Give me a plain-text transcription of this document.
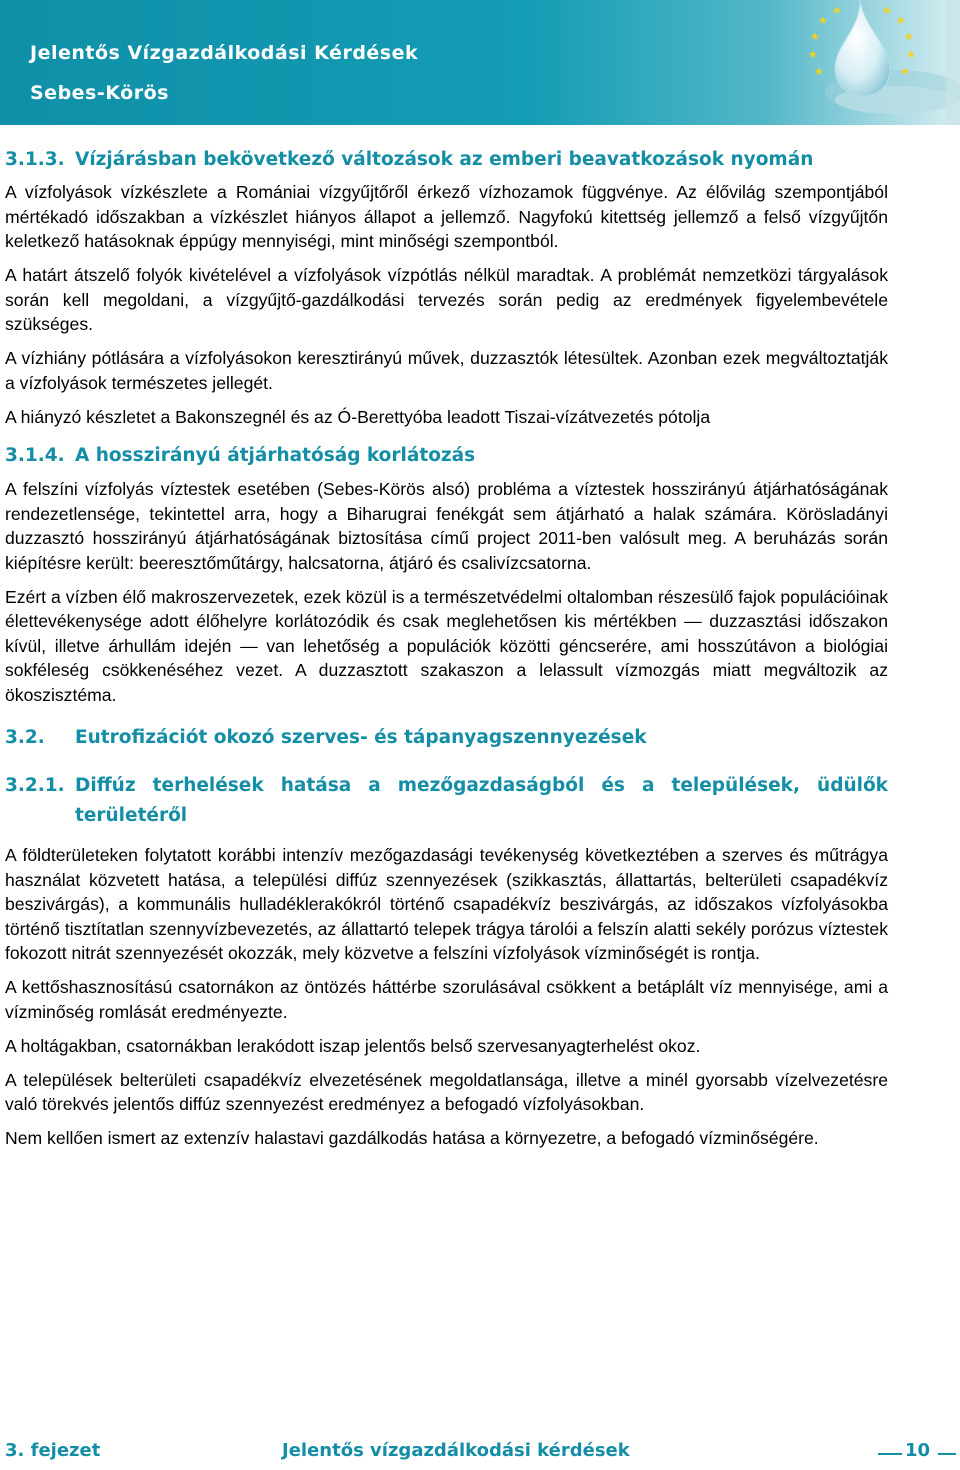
Jelentős Vízgazdálkodási Kérdések
Sebes-Körös
★
★
★	★
★
★
★
★
★
★
3.1.3. Vízjárásban bekövetkező változások az emberi beavatkozások nyomán

A vízfolyások vízkészlete a Romániai vízgyűjtőről érkező vízhozamok függvénye. Az élővilág szempontjából mértékadó időszakban a vízkészlet hiányos állapot a jellemző. Nagyfokú kitettség jellemző a felső vízgyűjtőn keletkező hatásoknak éppúgy mennyiségi, mint minőségi szempontból.

A határt átszelő folyók kivételével a vízfolyások vízpótlás nélkül maradtak. A problémát nemzetközi tárgyalások során kell megoldani, a vízgyűjtő-gazdálkodási tervezés során pedig az eredmények figyelembevétele szükséges.

A vízhiány pótlására a vízfolyásokon keresztirányú művek, duzzasztók létesültek. Azonban ezek megváltoztatják a vízfolyások természetes jellegét.

A hiányzó készletet a Bakonszegnél és az Ó-Berettyóba leadott Tiszai-vízátvezetés pótolja

3.1.4. A hosszirányú átjárhatóság korlátozás

A felszíni vízfolyás víztestek esetében (Sebes-Körös alsó) probléma a víztestek hosszirányú átjárhatóságának rendezetlensége, tekintettel arra, hogy a Biharugrai fenékgát sem átjárható a halak számára. Körösladányi duzzasztó hosszirányú átjárhatóságának biztosítása című project 2011-ben valósult meg. A beruházás során kiépítésre került: beeresztőműtárgy, halcsatorna, átjáró és csalivízcsatorna.

Ezért a vízben élő makroszervezetek, ezek közül is a természetvédelmi oltalomban részesülő fajok populációinak élettevékenysége adott élőhelyre korlátozódik és csak meglehetősen kis mértékben — duzzasztási időszakon kívül, illetve árhullám idején — van lehetőség a populációk közötti géncserére, ami hosszútávon a biológiai sokféleség csökkenéséhez vezet. A duzzasztott szakaszon a lelassult vízmozgás miatt megváltozik az ökoszisztéma.

3.2.	Eutrofizációt okozó szerves- és tápanyagszennyezések
3.2.1. Diffúz terhelések hatása a mezőgazdaságból és a települések, üdülők területéről

A földterületeken folytatott korábbi intenzív mezőgazdasági tevékenység következtében a szerves és műtrágya használat közvetett hatása, a települési diffúz szennyezések (szikkasztás, állattartás, belterületi csapadékvíz beszivárgás), a kommunális hulladéklerakókról történő csapadékvíz beszivárgás, az időszakos vízfolyásokba történő tisztítatlan szennyvízbevezetés, az állattartó telepek trágya tárolói a felszín alatti sekély porózus víztestek fokozott nitrát szennyezését okozzák, mely közvetve a felszíni vízfolyások vízminőségét is rontja.

A kettőshasznosítású csatornákon az öntözés háttérbe szorulásával csökkent a betáplált víz mennyisége, ami a vízminőség romlását eredményezte.

A holtágakban, csatornákban lerakódott iszap jelentős belső szervesanyagterhelést okoz.

A települések belterületi csapadékvíz elvezetésének megoldatlansága, illetve a minél gyorsabb vízelvezetésre való törekvés jelentős diffúz szennyezést eredményez a befogadó vízfolyásokban.

Nem kellően ismert az extenzív halastavi gazdálkodás hatása a környezetre, a befogadó vízminőségére.

3. fejezet	Jelentős vízgazdálkodási kérdések	10
